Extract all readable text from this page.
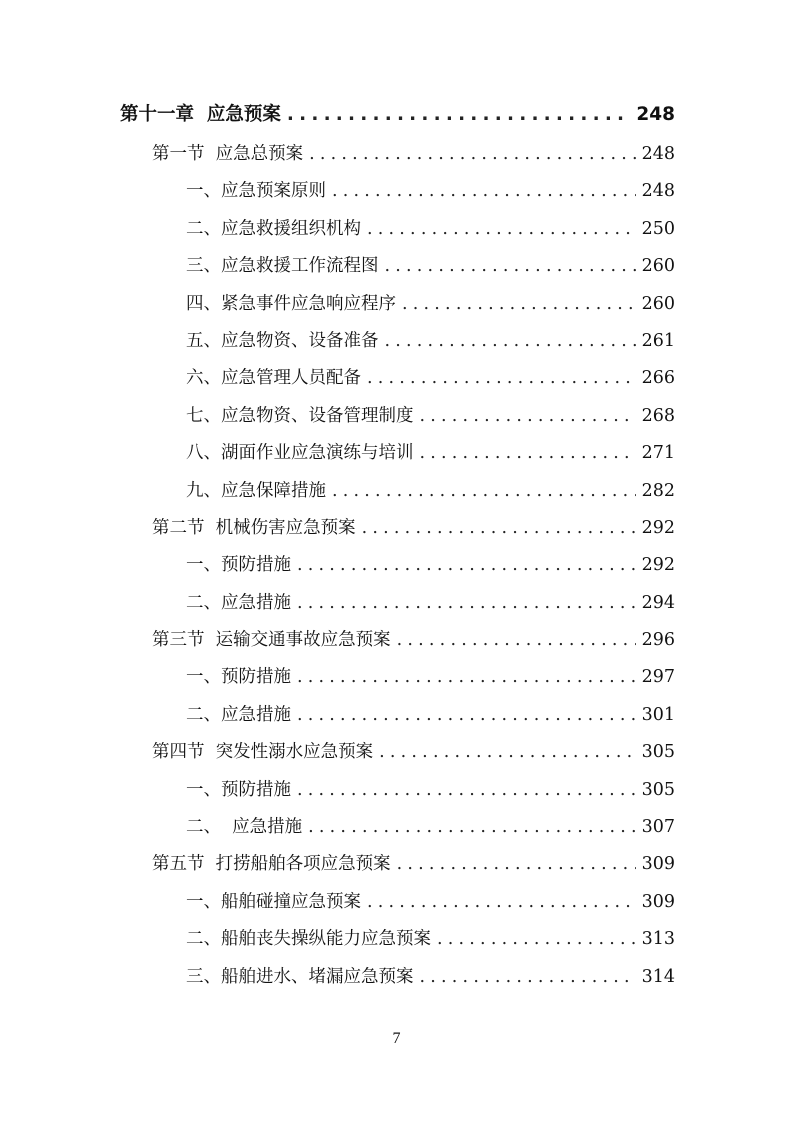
第十一章  应急预案 .....	248
第一节  应急总预案 .....	248
一、应急预案原则 .....	248
二、应急救援组织机构 .....	250
三、应急救援工作流程图 .....	260
四、紧急事件应急响应程序 .....	260
五、应急物资、设备准备 .....	261
六、应急管理人员配备 .....	266
七、应急物资、设备管理制度 .....	268
八、湖面作业应急演练与培训 .....	271
九、应急保障措施 .....	282
第二节  机械伤害应急预案 .....	292
一、预防措施 .....	292
二、应急措施 .....	294
第三节  运输交通事故应急预案 .....	296
一、预防措施 .....	297
二、应急措施 .....	301
第四节  突发性溺水应急预案 .....	305
一、预防措施 .....	305
二、  应急措施 .....	307
第五节  打捞船舶各项应急预案 .....	309
一、船舶碰撞应急预案 .....	309
二、船舶丧失操纵能力应急预案 .....	313
三、船舶进水、堵漏应急预案 .....	314
7
